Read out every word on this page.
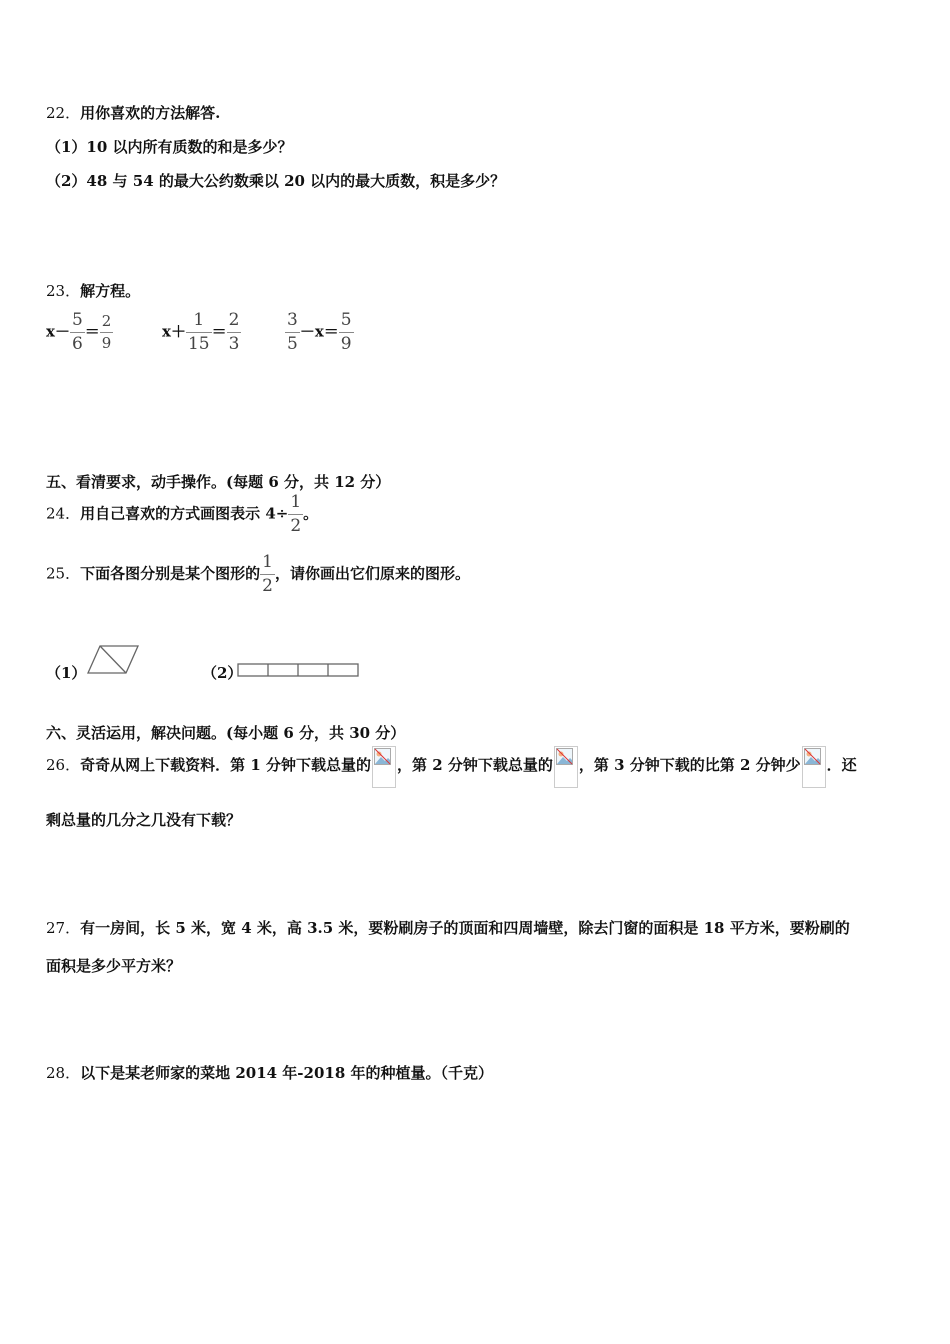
22．用你喜欢的方法解答.
（1）10 以内所有质数的和是多少？
（2）48 与 54 的最大公约数乘以 20 以内的最大质数，积是多少？
23．解方程。
$x- \frac{5}{6} = \frac{2}{9}$	$x+ \frac{1}{15} = \frac{2}{3}$	$\frac{3}{5} -x= \frac{5}{9}$
五、看清要求，动手操作。(每题 6 分，共 12 分）
24．用自己喜欢的方式画图表示 $4\div \frac{1}{2}$ 。
25．下面各图分别是某个图形的 $\frac{1}{2}$ ，请你画出它们原来的图形。
（1）	（2）
六、灵活运用，解决问题。(每小题 6 分，共 30 分）
26．奇奇从网上下载资料．第 1 分钟下载总量的 ，第 2 分钟下载总量的 ，第 3 分钟下载的比第 2 分钟少 ．还
剩总量的几分之几没有下载？
27．有一房间，长 5 米，宽 4 米，高 3.5 米，要粉刷房子的顶面和四周墙壁，除去门窗的面积是 18 平方米，要粉刷的
面积是多少平方米？
28．以下是某老师家的菜地 2014 年-2018 年的种植量。（千克）
